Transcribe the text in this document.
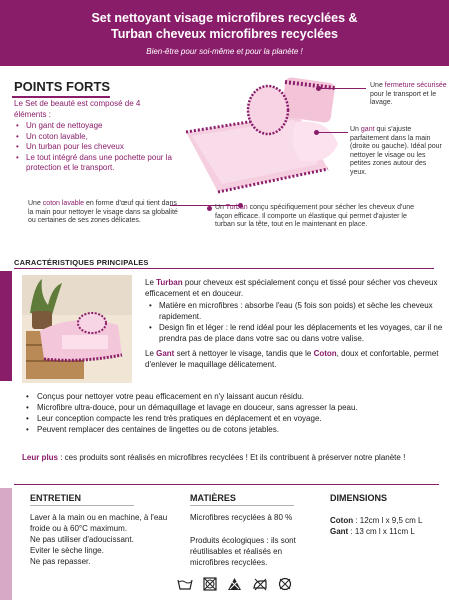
Set nettoyant visage microfibres recyclées &
Turban cheveux microfibres recyclées
Bien-être pour soi-même et pour la planète !
POINTS FORTS
Le Set de beauté est composé de 4 éléments :
• Un gant de nettoyage
• Un coton lavable,
• Un turban pour les cheveux
• Le tout intégré dans une pochette pour la protection et le transport.
Une fermeture sécurisée pour le transport et le lavage.
Un gant qui s'ajuste parfaitement dans la main (droite ou gauche). Idéal pour nettoyer le visage ou les petites zones autour des yeux.
Une coton lavable en forme d'œuf qui tient dans la main pour nettoyer le visage dans sa globalité ou certaines de ses zones délicates.
Un Turban conçu spécifiquement pour sécher les cheveux d'une façon efficace. Il comporte un élastique qui permet d'ajuster le turban sur la tête, tout en le maintenant en place.
CARACTÉRISTIQUES PRINCIPALES

Le Turban pour cheveux est spécialement conçu et tissé pour sécher vos cheveux efficacement et en douceur.

• Matière en microfibres : absorbe l'eau (5 fois son poids) et sèche les cheveux rapidement.
• Design fin et léger : le rend idéal pour les déplacements et les voyages, car il ne prendra pas de place dans votre sac ou dans votre valise.

Le Gant sert à nettoyer le visage, tandis que le Coton, doux et confortable, permet d'enlever le maquillage délicatement.

• Conçus pour nettoyer votre peau efficacement en n'y laissant aucun résidu.
• Microfibre ultra-douce, pour un démaquillage et lavage en douceur, sans agresser la peau.
• Leur conception compacte les rend très pratiques en déplacement et en voyage.
• Peuvent remplacer des centaines de lingettes ou de cotons jetables.
Leur plus : ces produits sont réalisés en microfibres recyclées ! Et ils contribuent à préserver notre planète !
ENTRETIEN
Laver à la main ou en machine, à l'eau froide ou à 60°C maximum.
Ne pas utiliser d'adoucissant.
Eviter le sèche linge.
Ne pas repasser.
MATIÈRES
Microfibres recyclées à 80 %
Produits écologiques : ils sont réutilisables et réalisés en microfibres recyclées.
DIMENSIONS
Coton : 12cm l x 9,5 cm L
Gant : 13 cm l x 11cm L
